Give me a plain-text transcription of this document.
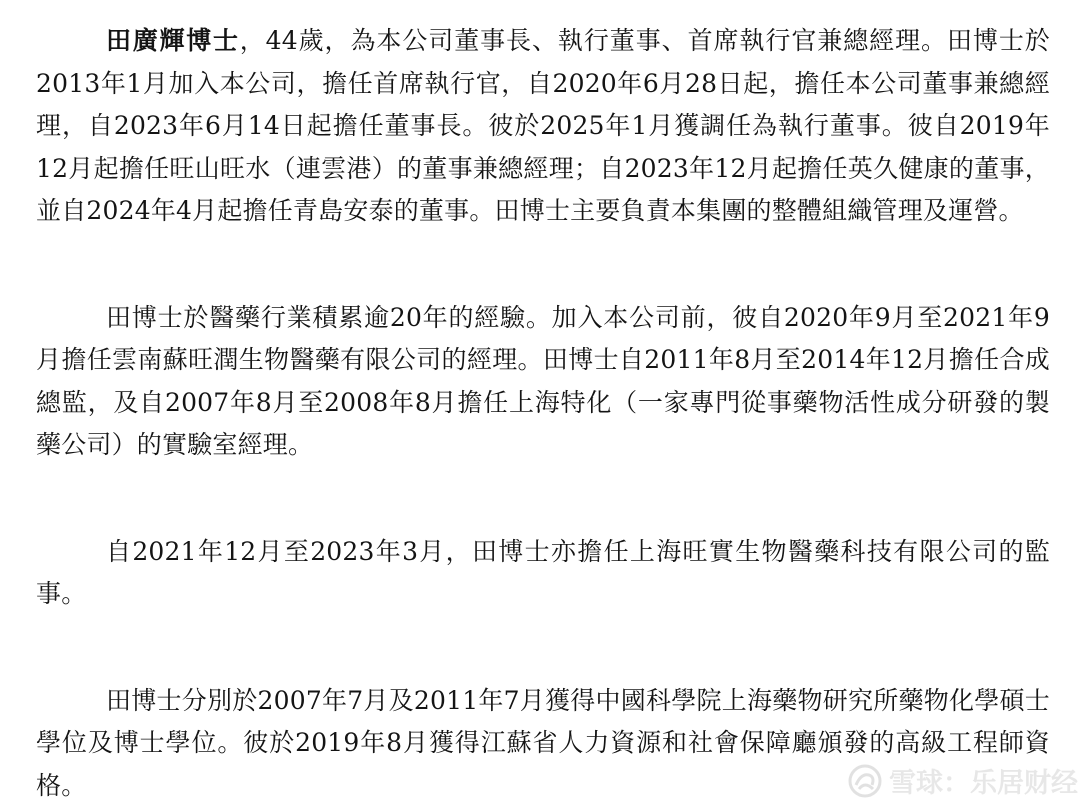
田廣輝博士，44歲，為本公司董事長、執行董事、首席執行官兼總經理。田博士於2013年1月加入本公司，擔任首席執行官，自2020年6月28日起，擔任本公司董事兼總經理，自2023年6月14日起擔任董事長。彼於2025年1月獲調任為執行董事。彼自2019年12月起擔任旺山旺水（連雲港）的董事兼總經理；自2023年12月起擔任英久健康的董事，並自2024年4月起擔任青島安泰的董事。田博士主要負責本集團的整體組織管理及運營。

田博士於醫藥行業積累逾20年的經驗。加入本公司前，彼自2020年9月至2021年9月擔任雲南蘇旺潤生物醫藥有限公司的經理。田博士自2011年8月至2014年12月擔任合成總監，及自2007年8月至2008年8月擔任上海特化（一家專門從事藥物活性成分研發的製藥公司）的實驗室經理。

自2021年12月至2023年3月，田博士亦擔任上海旺實生物醫藥科技有限公司的監事。

田博士分別於2007年7月及2011年7月獲得中國科學院上海藥物研究所藥物化學碩士學位及博士學位。彼於2019年8月獲得江蘇省人力資源和社會保障廳頒發的高級工程師資格。	雪球：乐居财经
